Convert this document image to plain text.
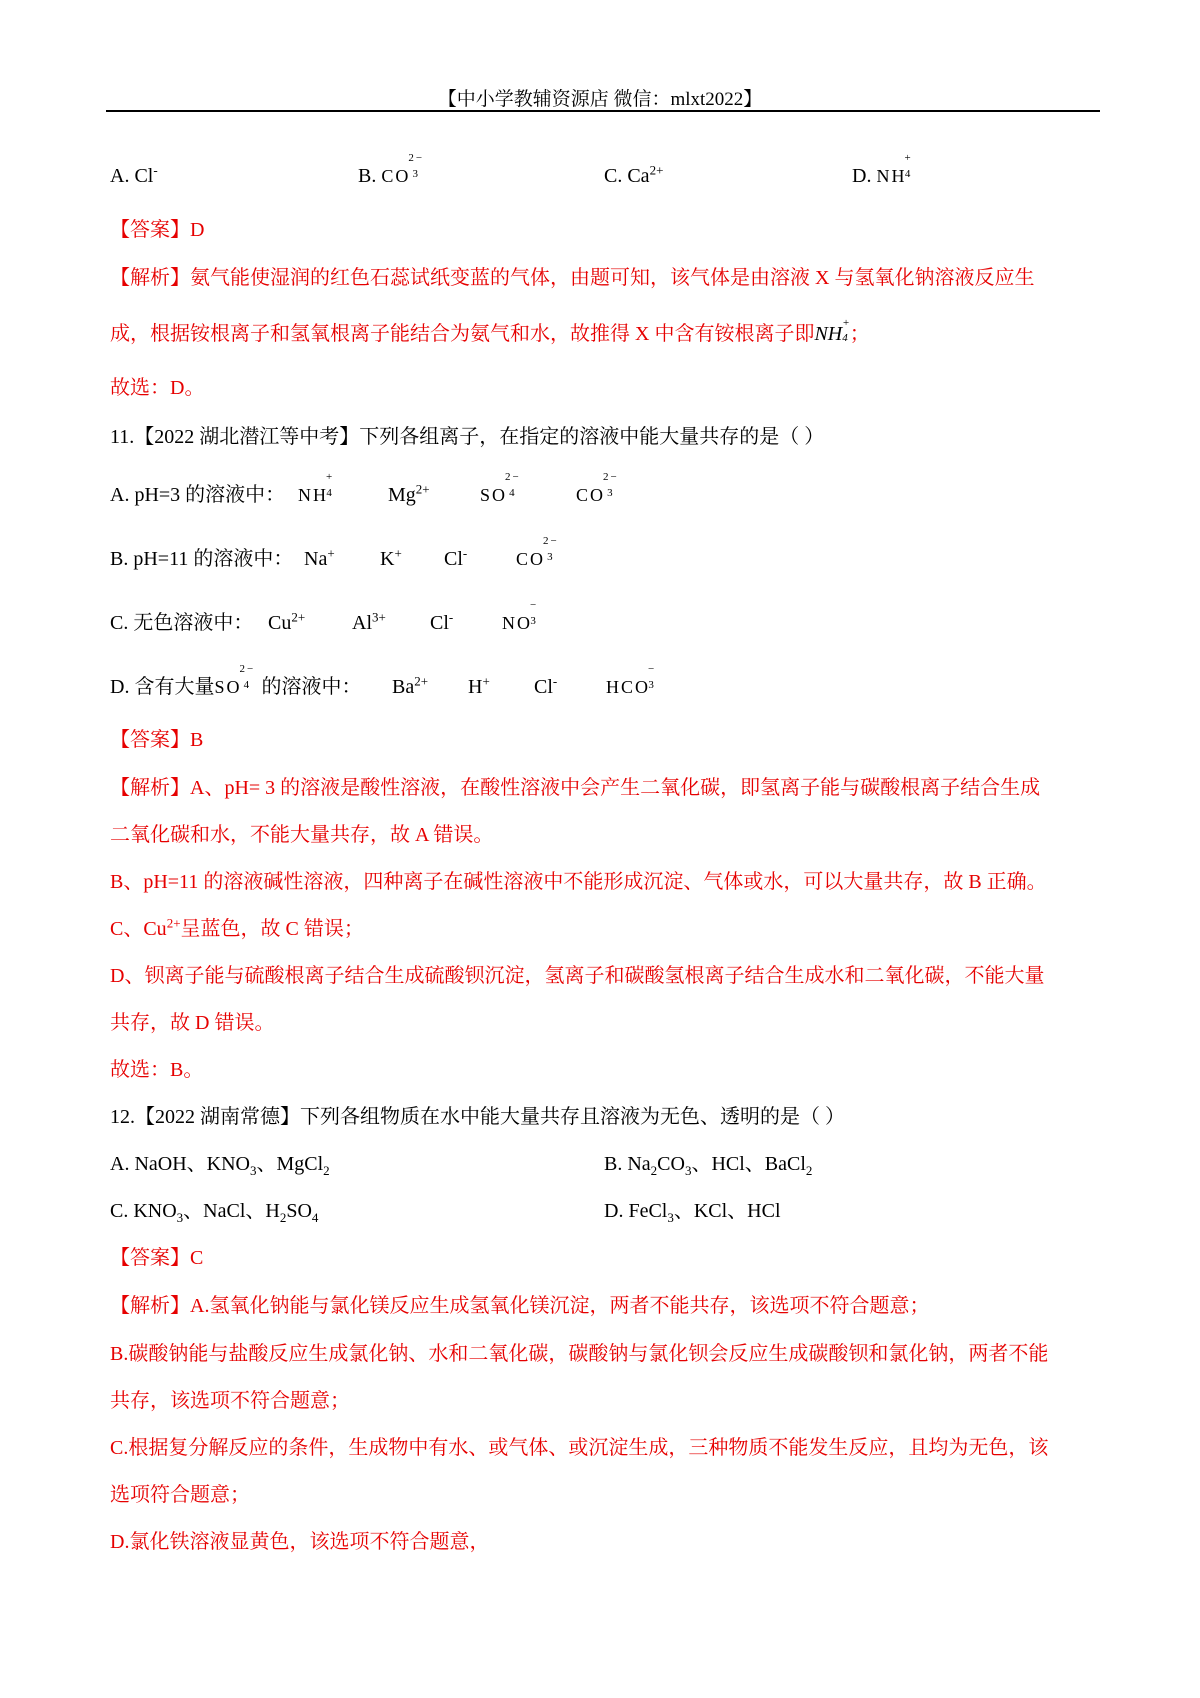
【中小学教辅资源店 微信：mlxt2022】
A. Cl-	B. CO
2−
3	C. $Ca^{2+}$	D. NH
+
4
【答案】D
【解析】氨气能使湿润的红色石蕊试纸变蓝的气体，由题可知，该气体是由溶液 X 与氢氧化钠溶液反应生
成，根据铵根离子和氢氧根离子能结合为氨气和水，故推得 X 中含有铵根离子即NH +
4 ；
故选：D。
11.【2022 湖北潜江等中考】下列各组离子，在指定的溶液中能大量共存的是（ ）
A. pH=3 的溶液中： NH
+
4	$Mg^{2+}$	SO
2−
4	CO
2−
3
B. pH=11 的溶液中： Na+ K+ Cl-	CO
2−
3
C. 无色溶液中： $Cu^{2+}$ $Al^{3+}$ Cl-	NO
−
3
D. 含有大量SO
2−
4 的溶液中： $Ba^{2+}$ H+ Cl-	HCO
−
3
【答案】B
【解析】A、pH= 3 的溶液是酸性溶液，在酸性溶液中会产生二氧化碳，即氢离子能与碳酸根离子结合生成
二氧化碳和水，不能大量共存，故 A 错误。
B、pH=11 的溶液碱性溶液，四种离子在碱性溶液中不能形成沉淀、气体或水，可以大量共存，故 B 正确。
C、$Cu^{2+}$呈蓝色，故 C 错误；
D、钡离子能与硫酸根离子结合生成硫酸钡沉淀，氢离子和碳酸氢根离子结合生成水和二氧化碳，不能大量
共存，故 D 错误。
故选：B。
12.【2022 湖南常德】下列各组物质在水中能大量共存且溶液为无色、透明的是（ ）
A. NaOH、$KNO_3$、MgCl$_2$	B. $Na_2CO_3$、HCl、BaCl$_2$
C. $KNO_3$、NaCl、$H_2SO_4$	D. FeCl$_3$、KCl、HCl
【答案】C
【解析】A.氢氧化钠能与氯化镁反应生成氢氧化镁沉淀，两者不能共存，该选项不符合题意；
B.碳酸钠能与盐酸反应生成氯化钠、水和二氧化碳，碳酸钠与氯化钡会反应生成碳酸钡和氯化钠，两者不能
共存，该选项不符合题意；
C.根据复分解反应的条件，生成物中有水、或气体、或沉淀生成，三种物质不能发生反应，且均为无色，该
选项符合题意；
D.氯化铁溶液显黄色，该选项不符合题意，
